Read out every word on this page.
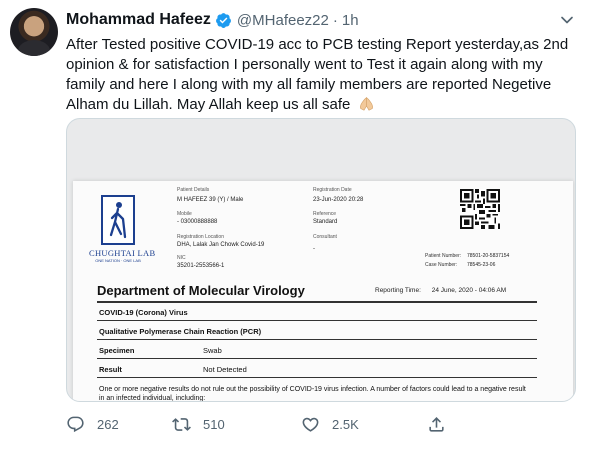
Mohammad Hafeez @MHafeez22 · 1h
After Tested positive COVID-19 acc to PCB testing Report yesterday,as 2nd opinion & for satisfaction I personally went to Test it again along with my family and here I along with my all family members are reported Negetive Alham du Lillah. May Allah keep us all safe
CHUGHTAI LAB
ONE NATION · ONE LAB
Patient Details
M HAFEEZ 39 (Y) / Male
Mobile
- 03000888888
Registration Location
DHA, Lalak Jan Chowk Covid-19
NIC
35201-2553566-1
Registration Date
23-Jun-2020 20:28
Reference
Standard
Consultant
-
Patient Number: 78501-20-5837154
Case Number: 78545-23-06
Department of Molecular Virology	Reporting Time: 24 June, 2020 - 04:06 AM
COVID-19 (Corona) Virus
Qualitative Polymerase Chain Reaction (PCR)
Specimen	Swab
Result	Not Detected
One or more negative results do not rule out the possibility of COVID-19 virus infection. A number of factors could lead to a negative result in an infected individual, including:
262	510	2.5K
